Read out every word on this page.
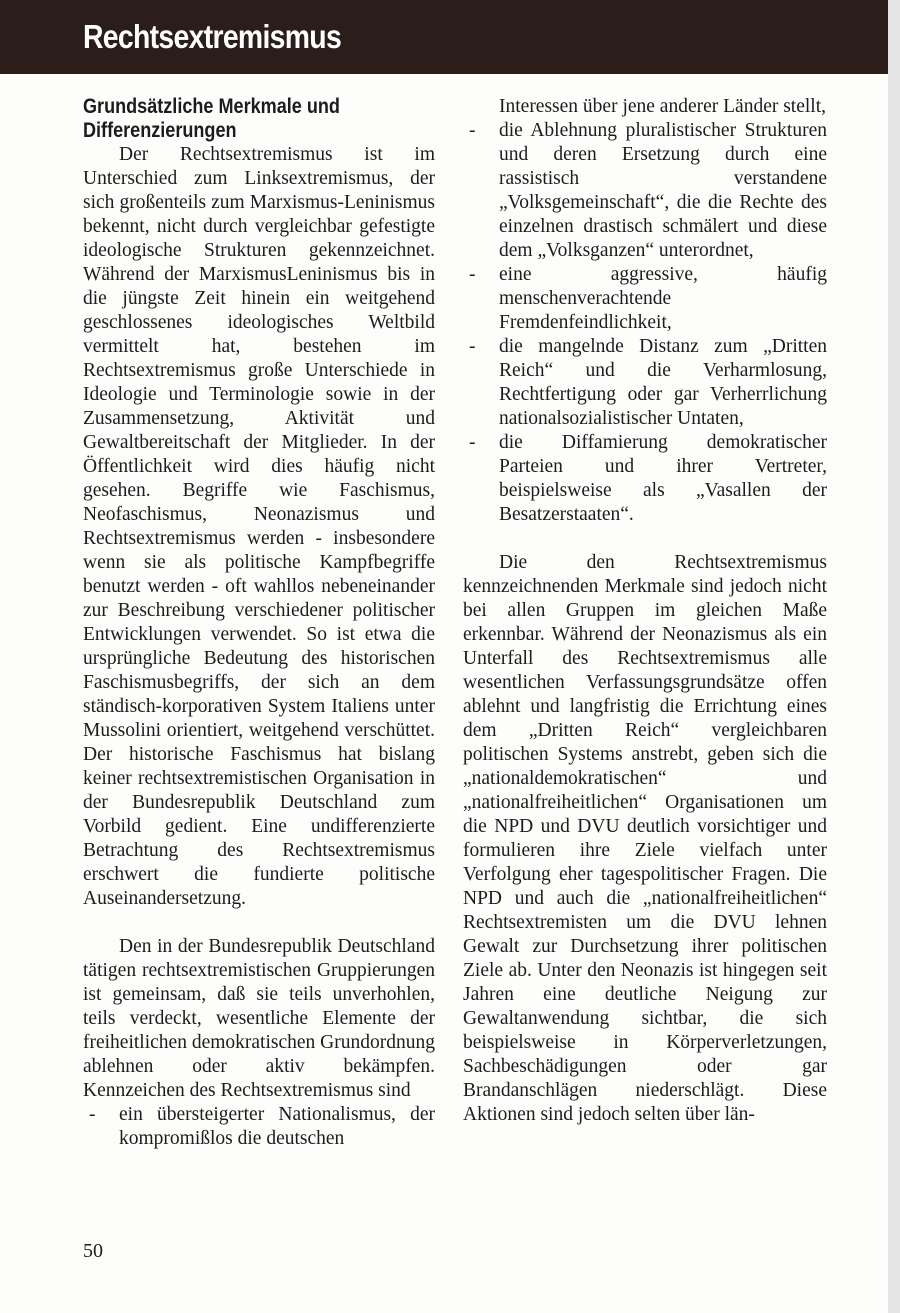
Rechtsextremismus
Grundsätzliche Merkmale und Differenzierungen

Der Rechtsextremismus ist im Unterschied zum Linksextremismus, der sich großenteils zum Marxismus-Leninismus bekennt, nicht durch vergleichbar gefestigte ideologische Strukturen gekennzeichnet. Während der MarxismusLeninismus bis in die jüngste Zeit hinein ein weitgehend geschlossenes ideologisches Weltbild vermittelt hat, bestehen im Rechtsextremismus große Unterschiede in Ideologie und Terminologie sowie in der Zusammensetzung, Aktivität und Gewaltbereitschaft der Mitglieder. In der Öffentlichkeit wird dies häufig nicht gesehen. Begriffe wie Faschismus, Neofaschismus, Neonazismus und Rechtsextremismus werden - insbesondere wenn sie als politische Kampfbegriffe benutzt werden - oft wahllos nebeneinander zur Beschreibung verschiedener politischer Entwicklungen verwendet. So ist etwa die ursprüngliche Bedeutung des historischen Faschismusbegriffs, der sich an dem ständisch-korporativen System Italiens unter Mussolini orientiert, weitgehend verschüttet. Der historische Faschismus hat bislang keiner rechtsextremistischen Organisation in der Bundesrepublik Deutschland zum Vorbild gedient. Eine undifferenzierte Betrachtung des Rechtsextremismus erschwert die fundierte politische Auseinandersetzung.

Den in der Bundesrepublik Deutschland tätigen rechtsextremistischen Gruppierungen ist gemeinsam, daß sie teils unverhohlen, teils verdeckt, wesentliche Elemente der freiheitlichen demokratischen Grundordnung ablehnen oder aktiv bekämpfen. Kennzeichen des Rechtsextremismus sind

- ein übersteigerter Nationalismus, der kompromißlos die deutschen

Interessen über jene anderer Länder stellt,

- die Ablehnung pluralistischer Strukturen und deren Ersetzung durch eine rassistisch verstandene „Volksgemeinschaft“, die die Rechte des einzelnen drastisch schmälert und diese dem „Volksganzen“ unterordnet,
- eine aggressive, häufig menschenverachtende Fremdenfeindlichkeit,
- die mangelnde Distanz zum „Dritten Reich“ und die Verharmlosung, Rechtfertigung oder gar Verherrlichung nationalsozialistischer Untaten,
- die Diffamierung demokratischer Parteien und ihrer Vertreter, beispielsweise als „Vasallen der Besatzerstaaten“.

Die den Rechtsextremismus kennzeichnenden Merkmale sind jedoch nicht bei allen Gruppen im gleichen Maße erkennbar. Während der Neonazismus als ein Unterfall des Rechtsextremismus alle wesentlichen Verfassungsgrundsätze offen ablehnt und langfristig die Errichtung eines dem „Dritten Reich“ vergleichbaren politischen Systems anstrebt, geben sich die „nationaldemokratischen“ und „nationalfreiheitlichen“ Organisationen um die NPD und DVU deutlich vorsichtiger und formulieren ihre Ziele vielfach unter Verfolgung eher tagespolitischer Fragen. Die NPD und auch die „nationalfreiheitlichen“ Rechtsextremisten um die DVU lehnen Gewalt zur Durchsetzung ihrer politischen Ziele ab. Unter den Neonazis ist hingegen seit Jahren eine deutliche Neigung zur Gewaltanwendung sichtbar, die sich beispielsweise in Körperverletzungen, Sachbeschädigungen oder gar Brandanschlägen niederschlägt. Diese Aktionen sind jedoch selten über län-

50
